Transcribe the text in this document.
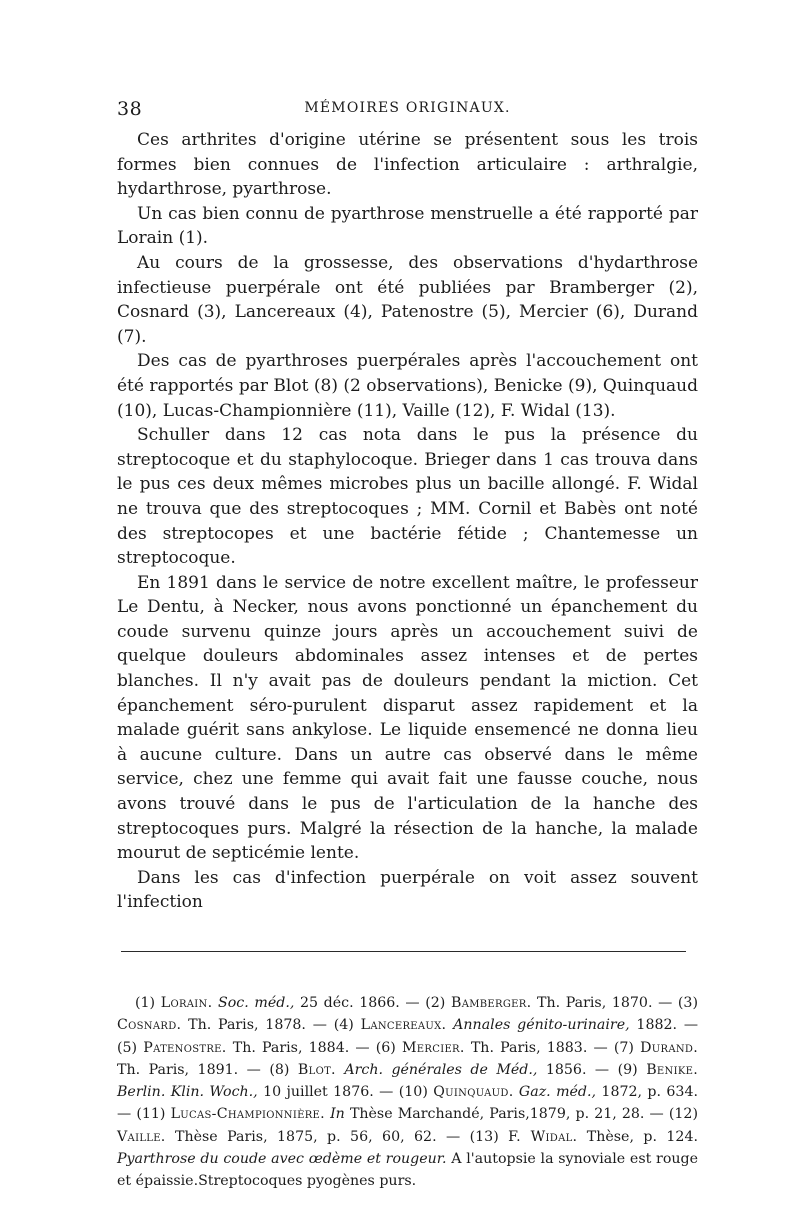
38	MÉMOIRES ORIGINAUX.

Ces arthrites d'origine utérine se présentent sous les trois formes bien connues de l'infection articulaire : arthralgie, hydarthrose, pyarthrose.

Un cas bien connu de pyarthrose menstruelle a été rapporté par Lorain (1).

Au cours de la grossesse, des observations d'hydarthrose infectieuse puerpérale ont été publiées par Bramberger (2), Cosnard (3), Lancereaux (4), Patenostre (5), Mercier (6), Durand (7).

Des cas de pyarthroses puerpérales après l'accouchement ont été rapportés par Blot (8) (2 observations), Benicke (9), Quinquaud (10), Lucas-Championnière (11), Vaille (12), F. Widal (13).

Schuller dans 12 cas nota dans le pus la présence du streptocoque et du staphylocoque. Brieger dans 1 cas trouva dans le pus ces deux mêmes microbes plus un bacille allongé. F. Widal ne trouva que des streptocoques ; MM. Cornil et Babès ont noté des streptocopes et une bactérie fétide ; Chantemesse un streptocoque.

En 1891 dans le service de notre excellent maître, le professeur Le Dentu, à Necker, nous avons ponctionné un épanchement du coude survenu quinze jours après un accouchement suivi de quelque douleurs abdominales assez intenses et de pertes blanches. Il n'y avait pas de douleurs pendant la miction. Cet épanchement séro-purulent disparut assez rapidement et la malade guérit sans ankylose. Le liquide ensemencé ne donna lieu à aucune culture. Dans un autre cas observé dans le même service, chez une femme qui avait fait une fausse couche, nous avons trouvé dans le pus de l'articulation de la hanche des streptocoques purs. Malgré la résection de la hanche, la malade mourut de septicémie lente.

Dans les cas d'infection puerpérale on voit assez souvent l'infection

(1) Lorain. Soc. méd., 25 déc. 1866. — (2) Bamberger. Th. Paris, 1870. — (3) Cosnard. Th. Paris, 1878. — (4) Lancereaux. Annales génito-urinaire, 1882. — (5) Patenostre. Th. Paris, 1884. — (6) Mercier. Th. Paris, 1883. — (7) Durand. Th. Paris, 1891. — (8) Blot. Arch. générales de Méd., 1856. — (9) Benike. Berlin. Klin. Woch., 10 juillet 1876. — (10) Quinquaud. Gaz. méd., 1872, p. 634. — (11) Lucas-Championnière. In Thèse Marchandé, Paris,1879, p. 21, 28. — (12) Vaille. Thèse Paris, 1875, p. 56, 60, 62. — (13) F. Widal. Thèse, p. 124. Pyarthrose du coude avec œdème et rougeur. A l'autopsie la synoviale est rouge et épaissie.Streptocoques pyogènes purs.
